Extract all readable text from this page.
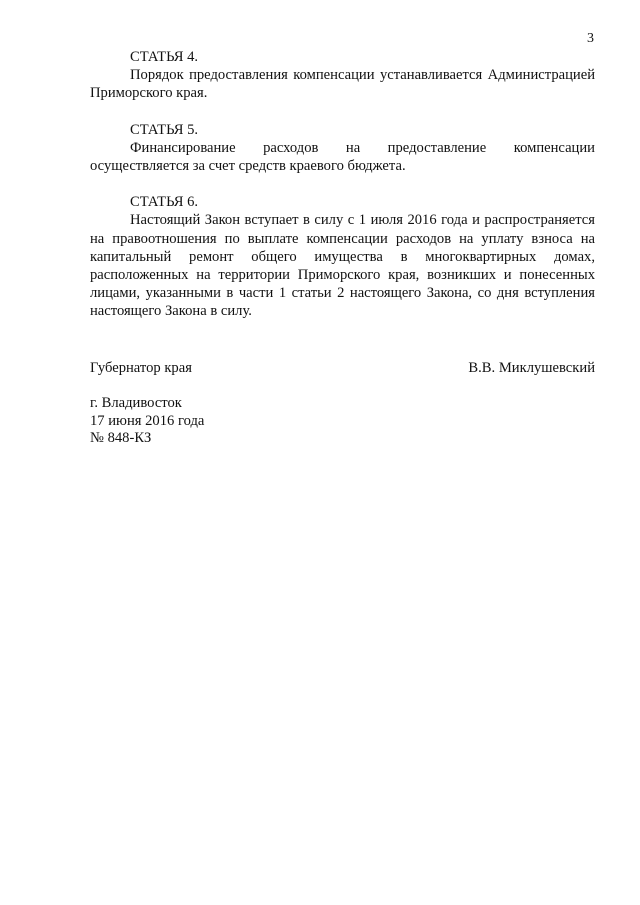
3

СТАТЬЯ 4.

Порядок предоставления компенсации устанавливается Администрацией Приморского края.

СТАТЬЯ 5.

Финансирование расходов на предоставление компенсации осуществляется за счет средств краевого бюджета.

СТАТЬЯ 6.

Настоящий Закон вступает в силу с 1 июля 2016 года и распространяется на правоотношения по выплате компенсации расходов на уплату взноса на капитальный ремонт общего имущества в многоквартирных домах, расположенных на территории Приморского края, возникших и понесенных лицами, указанными в части 1 статьи 2 настоящего Закона, со дня вступления настоящего Закона в силу.

Губернатор края	В.В. Миклушевский
г. Владивосток
17 июня 2016 года
№ 848-КЗ
